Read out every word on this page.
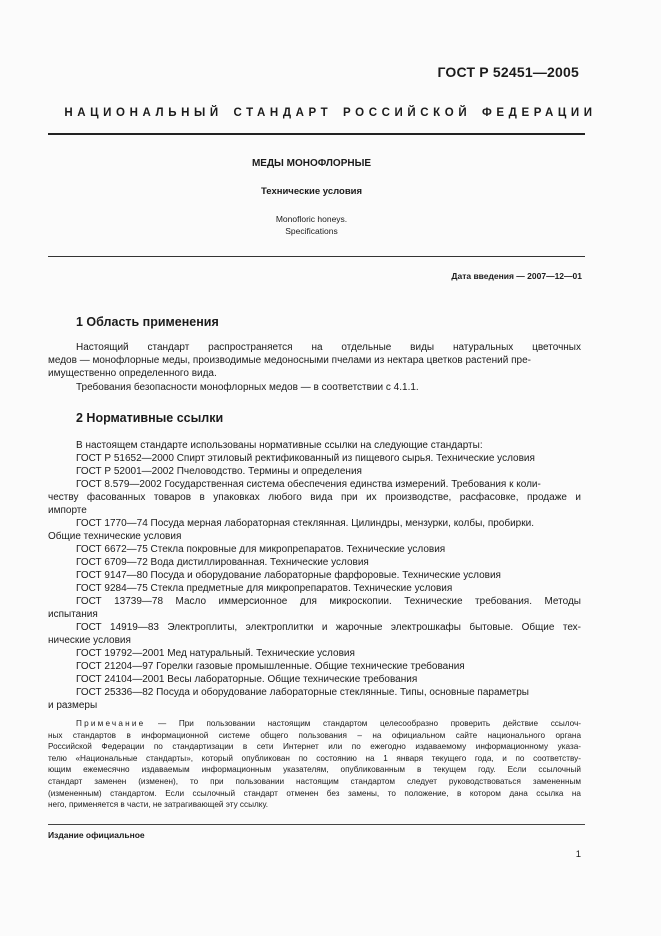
ГОСТ Р 52451—2005
НАЦИОНАЛЬНЫЙ СТАНДАРТ РОССИЙСКОЙ ФЕДЕРАЦИИ
МЕДЫ МОНОФЛОРНЫЕ
Технические условия
Monofloric honeys.
Specifications
Дата введения — 2007—12—01
1 Область применения
Настоящий стандарт распространяется на отдельные виды натуральных цветочных
медов — монофлорные меды, производимые медоносными пчелами из нектара цветков растений пре-
имущественно определенного вида.
Требования безопасности монофлорных медов — в соответствии с 4.1.1.
2 Нормативные ссылки
В настоящем стандарте использованы нормативные ссылки на следующие стандарты:
ГОСТ Р 51652—2000 Спирт этиловый ректификованный из пищевого сырья. Технические условия
ГОСТ Р 52001—2002 Пчеловодство. Термины и определения
ГОСТ 8.579—2002 Государственная система обеспечения единства измерений. Требования к коли-
честву фасованных товаров в упаковках любого вида при их производстве, расфасовке, продаже и
импорте
ГОСТ 1770—74 Посуда мерная лабораторная стеклянная. Цилиндры, мензурки, колбы, пробирки.
Общие технические условия
ГОСТ 6672—75 Стекла покровные для микропрепаратов. Технические условия
ГОСТ 6709—72 Вода дистиллированная. Технические условия
ГОСТ 9147—80 Посуда и оборудование лабораторные фарфоровые. Технические условия
ГОСТ 9284—75 Стекла предметные для микропрепаратов. Технические условия
ГОСТ 13739—78 Масло иммерсионное для микроскопии. Технические требования. Методы
испытания
ГОСТ 14919—83 Электроплиты, электроплитки и жарочные электрошкафы бытовые. Общие тех-
нические условия
ГОСТ 19792—2001 Мед натуральный. Технические условия
ГОСТ 21204—97 Горелки газовые промышленные. Общие технические требования
ГОСТ 24104—2001 Весы лабораторные. Общие технические требования
ГОСТ 25336—82 Посуда и оборудование лабораторные стеклянные. Типы, основные параметры
и размеры
Примечание — При пользовании настоящим стандартом целесообразно проверить действие ссылоч-
ных стандартов в информационной системе общего пользования – на официальном сайте национального органа
Российской Федерации по стандартизации в сети Интернет или по ежегодно издаваемому информационному указа-
телю «Национальные стандарты», который опубликован по состоянию на 1 января текущего года, и по соответству-
ющим ежемесячно издаваемым информационным указателям, опубликованным в текущем году. Если ссылочный
стандарт заменен (изменен), то при пользовании настоящим стандартом следует руководствоваться замененным
(измененным) стандартом. Если ссылочный стандарт отменен без замены, то положение, в котором дана ссылка на
него, применяется в части, не затрагивающей эту ссылку.
Издание официальное
1
